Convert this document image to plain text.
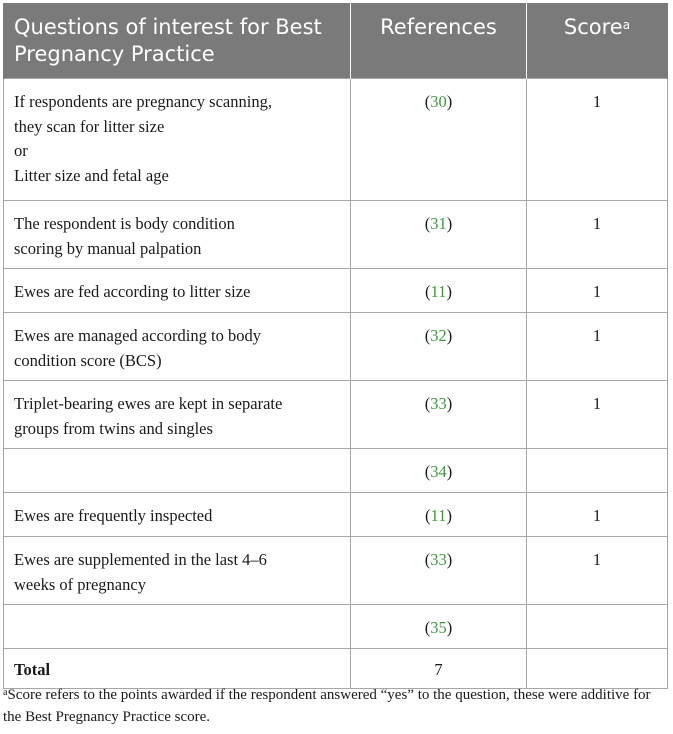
Questions of interest for Best Pregnancy Practice	References	Score$^a$

If respondents are pregnancy scanning,
they scan for litter size
or
Litter size and fetal age	(30)	1

The respondent is body condition
scoring by manual palpation	(31)	1

Ewes are fed according to litter size	(11)	1

Ewes are managed according to body
condition score (BCS)	(32)	1

Triplet-bearing ewes are kept in separate
groups from twins and singles	(33)	1

	(34)	

Ewes are frequently inspected	(11)	1

Ewes are supplemented in the last 4–6
weeks of pregnancy	(33)	1

	(35)	
Total	7	
$^a$Score refers to the points awarded if the respondent answered “yes” to the question, these were additive for the Best Pregnancy Practice score.
